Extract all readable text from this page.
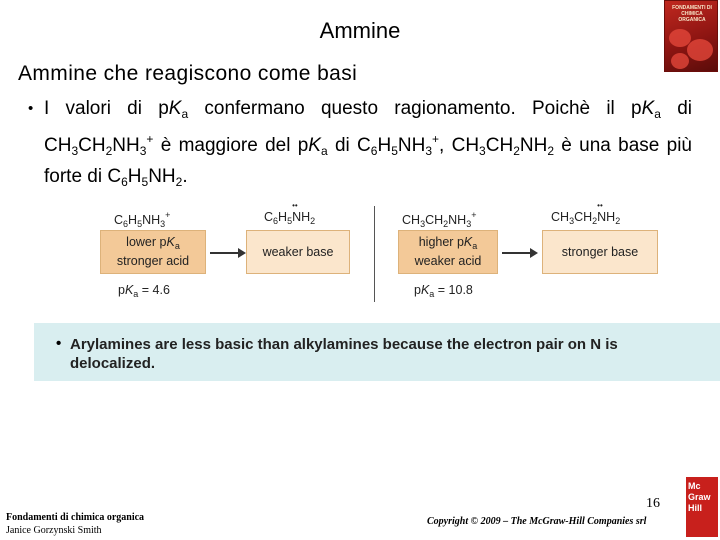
Ammine
FONDAMENTI DI CHIMICA ORGANICA
Ammine che reagiscono come basi
• I valori di $pK_a$ confermano questo ragionamento. Poichè il $pK_a$ di $CH_3CH_2NH_3^+$ è maggiore del $pK_a$ di $C_6H_5NH_3^+$, $CH_3CH_2NH_2$ è una base più forte di $C_6H_5NH_2$.
$C_6H_5NH_3^+$	$C_6H_5NH_2$
lower $pK_a$
stronger acid
weaker base
$pK_a = 4.6$
$CH_3CH_2NH_3^+$	$CH_3CH_2NH_2$
higher $pK_a$
weaker acid
stronger base
$pK_a = 10.8$
• Arylamines are less basic than alkylamines because the electron pair on N is delocalized.
16
Fondamenti di chimica organica
Janice Gorzynski Smith
Copyright © 2009 – The McGraw-Hill Companies srl
Mc
Graw
Hill
